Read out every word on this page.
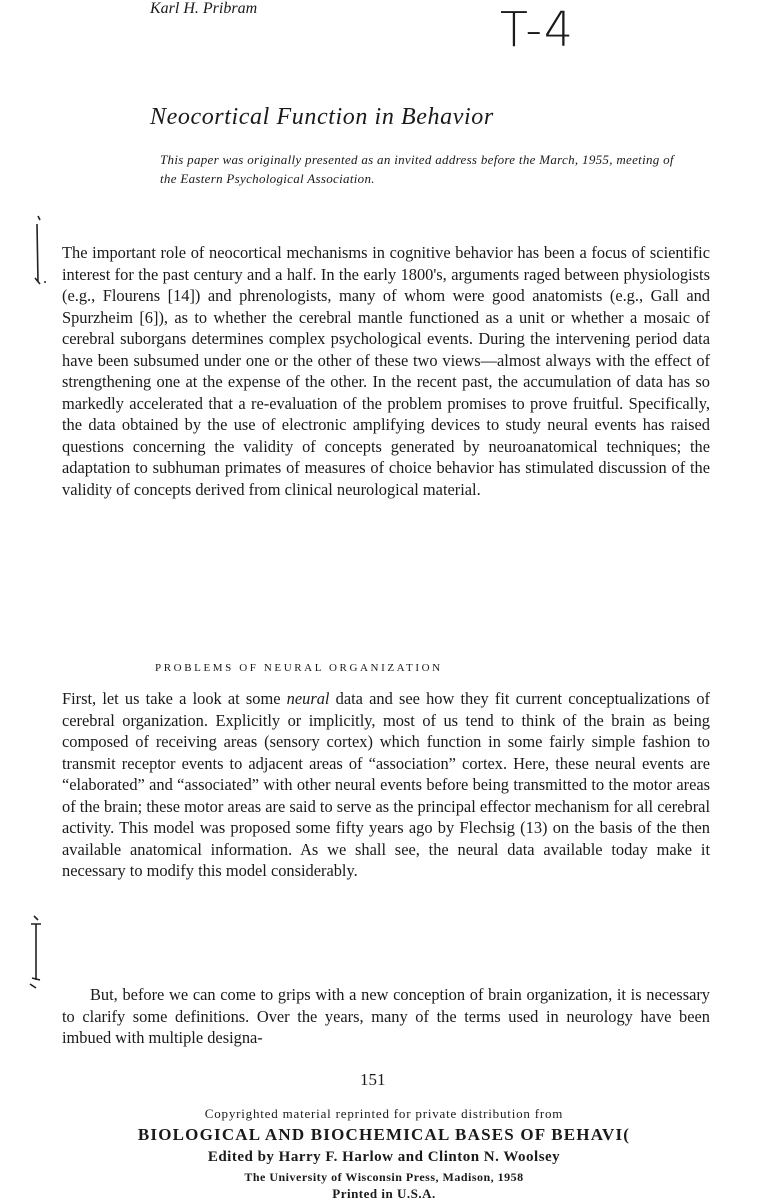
Karl H. Pribram	T-4
Neocortical Function in Behavior
This paper was originally presented as an invited address before the March, 1955, meeting of the Eastern Psychological Association.
The important role of neocortical mechanisms in cognitive behavior has been a focus of scientific interest for the past century and a half. In the early 1800's, arguments raged between physiologists (e.g., Flourens [14]) and phrenologists, many of whom were good anatomists (e.g., Gall and Spurzheim [6]), as to whether the cerebral mantle functioned as a unit or whether a mosaic of cerebral suborgans determines complex psychological events. During the intervening period data have been subsumed under one or the other of these two views—almost always with the effect of strengthening one at the expense of the other. In the recent past, the accumulation of data has so markedly accelerated that a re-evaluation of the problem promises to prove fruitful. Specifically, the data obtained by the use of electronic amplifying devices to study neural events has raised questions concerning the validity of concepts generated by neuroanatomical techniques; the adaptation to subhuman primates of measures of choice behavior has stimulated discussion of the validity of concepts derived from clinical neurological material.
PROBLEMS OF NEURAL ORGANIZATION
First, let us take a look at some neural data and see how they fit current conceptualizations of cerebral organization. Explicitly or implicitly, most of us tend to think of the brain as being composed of receiving areas (sensory cortex) which function in some fairly simple fashion to transmit receptor events to adjacent areas of “association” cortex. Here, these neural events are “elaborated” and “associated” with other neural events before being transmitted to the motor areas of the brain; these motor areas are said to serve as the principal effector mechanism for all cerebral activity. This model was proposed some fifty years ago by Flechsig (13) on the basis of the then available anatomical information. As we shall see, the neural data available today make it necessary to modify this model considerably.
But, before we can come to grips with a new conception of brain organization, it is necessary to clarify some definitions. Over the years, many of the terms used in neurology have been imbued with multiple designa-
151
Copyrighted material reprinted for private distribution from
BIOLOGICAL AND BIOCHEMICAL BASES OF BEHAVI(
Edited by Harry F. Harlow and Clinton N. Woolsey
The University of Wisconsin Press, Madison, 1958
Printed in U.S.A.
